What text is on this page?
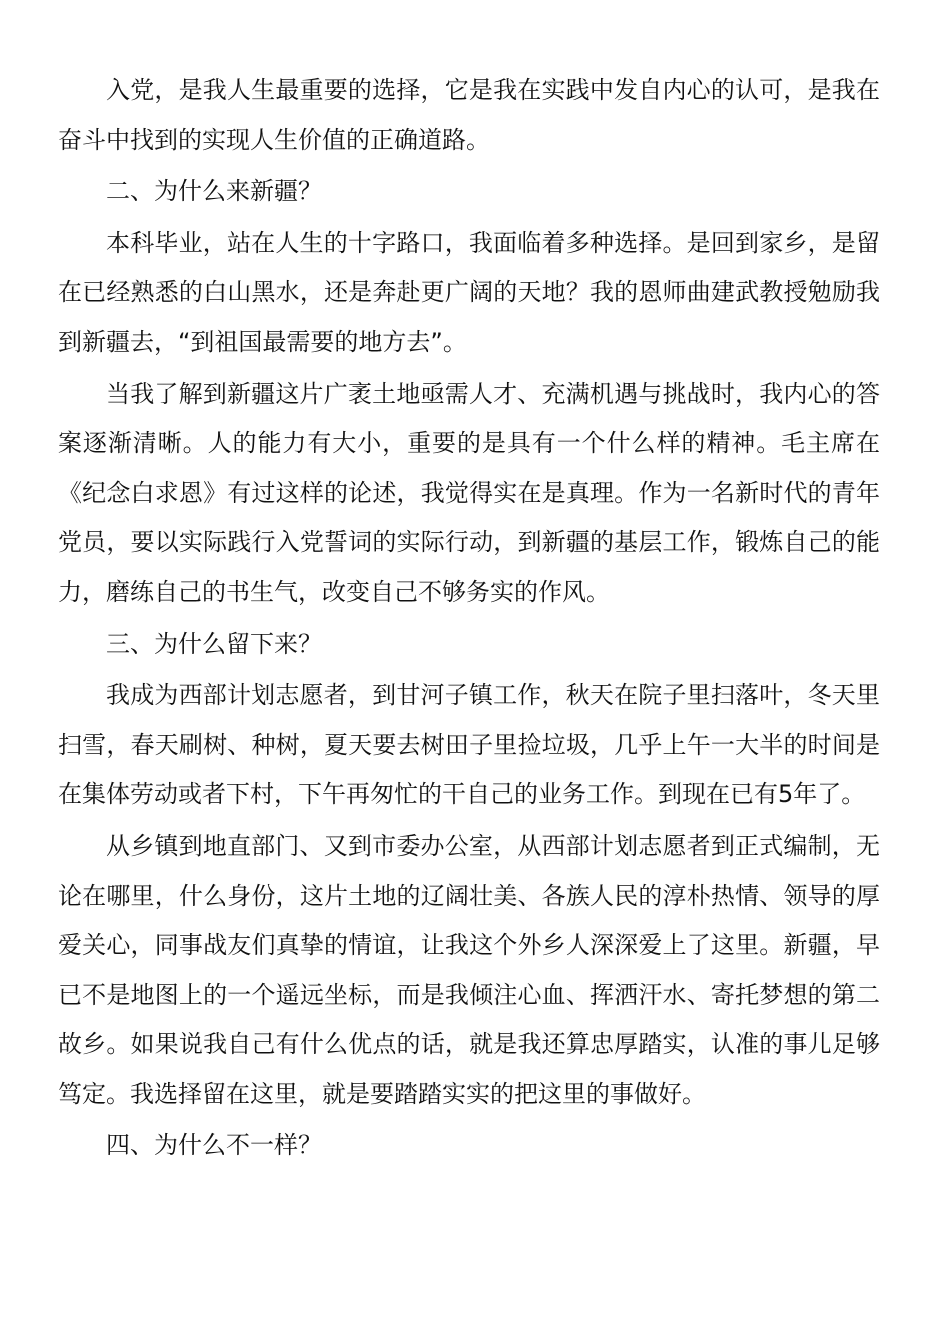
入党，是我人生最重要的选择，它是我在实践中发自内心的认可，是我在奋斗中找到的实现人生价值的正确道路。

二、为什么来新疆？

本科毕业，站在人生的十字路口，我面临着多种选择。是回到家乡，是留在已经熟悉的白山黑水，还是奔赴更广阔的天地？我的恩师曲建武教授勉励我到新疆去，“到祖国最需要的地方去”。

当我了解到新疆这片广袤土地亟需人才、充满机遇与挑战时，我内心的答案逐渐清晰。人的能力有大小，重要的是具有一个什么样的精神。毛主席在《纪念白求恩》有过这样的论述，我觉得实在是真理。作为一名新时代的青年党员，要以实际践行入党誓词的实际行动，到新疆的基层工作，锻炼自己的能力，磨练自己的书生气，改变自己不够务实的作风。

三、为什么留下来？

我成为西部计划志愿者，到甘河子镇工作，秋天在院子里扫落叶，冬天里扫雪，春天刷树、种树，夏天要去树田子里捡垃圾，几乎上午一大半的时间是在集体劳动或者下村，下午再匆忙的干自己的业务工作。到现在已有5年了。

从乡镇到地直部门、又到市委办公室，从西部计划志愿者到正式编制，无论在哪里，什么身份，这片土地的辽阔壮美、各族人民的淳朴热情、领导的厚爱关心，同事战友们真挚的情谊，让我这个外乡人深深爱上了这里。新疆，早已不是地图上的一个遥远坐标，而是我倾注心血、挥洒汗水、寄托梦想的第二故乡。如果说我自己有什么优点的话，就是我还算忠厚踏实，认准的事儿足够笃定。我选择留在这里，就是要踏踏实实的把这里的事做好。

四、为什么不一样？
